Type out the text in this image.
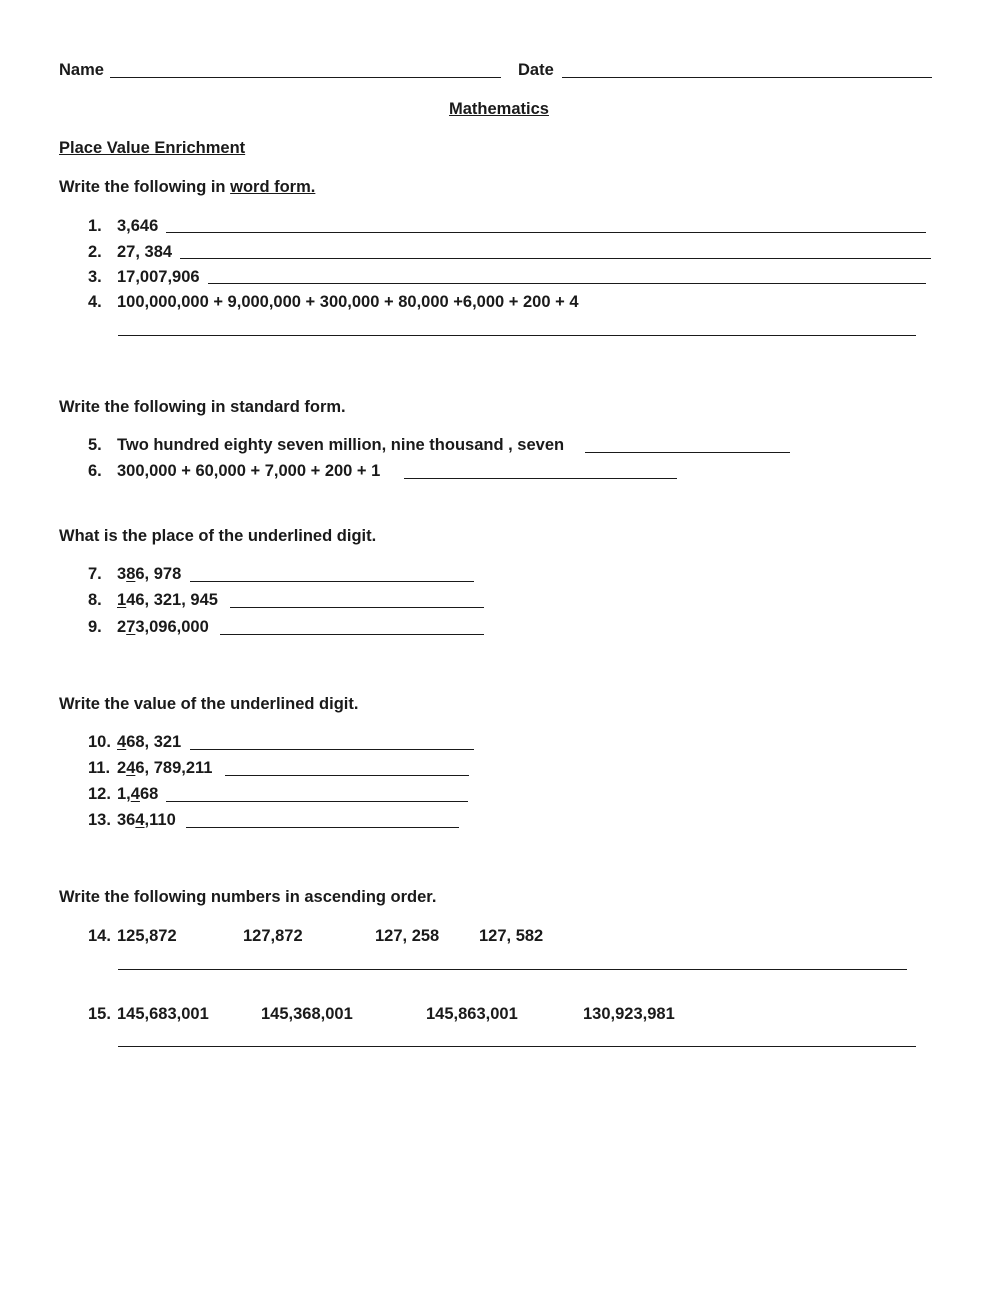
Name	Date
Mathematics
Place Value Enrichment
Write the following in word form.
1. 3,646
2. 27, 384
3. 17,007,906
4. 100,000,000 + 9,000,000 + 300,000 + 80,000 +6,000 + 200 + 4
Write the following in standard form.
5. Two hundred eighty seven million, nine thousand , seven
6. 300,000 + 60,000 + 7,000 + 200 + 1
What is the place of the underlined digit.
7. 3 8 6, 978
8. 1 46, 321, 945
9. 2 7 3,096,000
Write the value of the underlined digit.
10. 4 68, 321
11. 2 4 6, 789,211
12. 1, 4 68
13. 36 4 ,110
Write the following numbers in ascending order.
14. 125,872	127,872	127, 258 127, 582
15. 145,683,001	145,368,001	145,863,001	130,923,981
